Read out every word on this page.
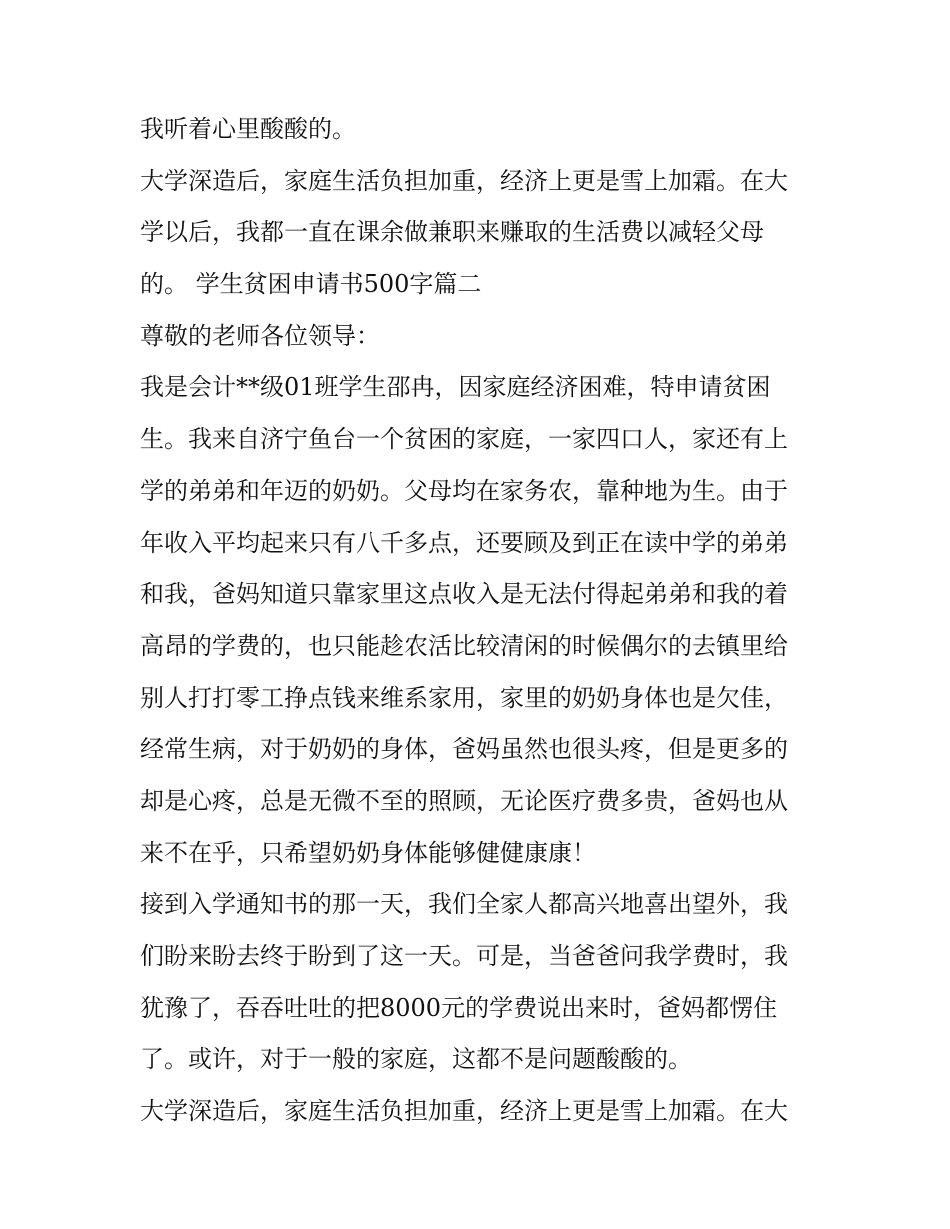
我听着心里酸酸的。
大学深造后，家庭生活负担加重，经济上更是雪上加霜。在大
学以后，我都一直在课余做兼职来赚取的生活费以减轻父母
的。 学生贫困申请书500字篇二
尊敬的老师各位领导：
我是会计**级01班学生邵冉，因家庭经济困难，特申请贫困
生。我来自济宁鱼台一个贫困的家庭，一家四口人，家还有上
学的弟弟和年迈的奶奶。父母均在家务农，靠种地为生。由于
年收入平均起来只有八千多点，还要顾及到正在读中学的弟弟
和我，爸妈知道只靠家里这点收入是无法付得起弟弟和我的着
高昂的学费的，也只能趁农活比较清闲的时候偶尔的去镇里给
别人打打零工挣点钱来维系家用，家里的奶奶身体也是欠佳，
经常生病，对于奶奶的身体，爸妈虽然也很头疼，但是更多的
却是心疼，总是无微不至的照顾，无论医疗费多贵，爸妈也从
来不在乎，只希望奶奶身体能够健健康康！
接到入学通知书的那一天，我们全家人都高兴地喜出望外，我
们盼来盼去终于盼到了这一天。可是，当爸爸问我学费时，我
犹豫了，吞吞吐吐的把8000元的学费说出来时，爸妈都愣住
了。或许，对于一般的家庭，这都不是问题酸酸的。
大学深造后，家庭生活负担加重，经济上更是雪上加霜。在大
